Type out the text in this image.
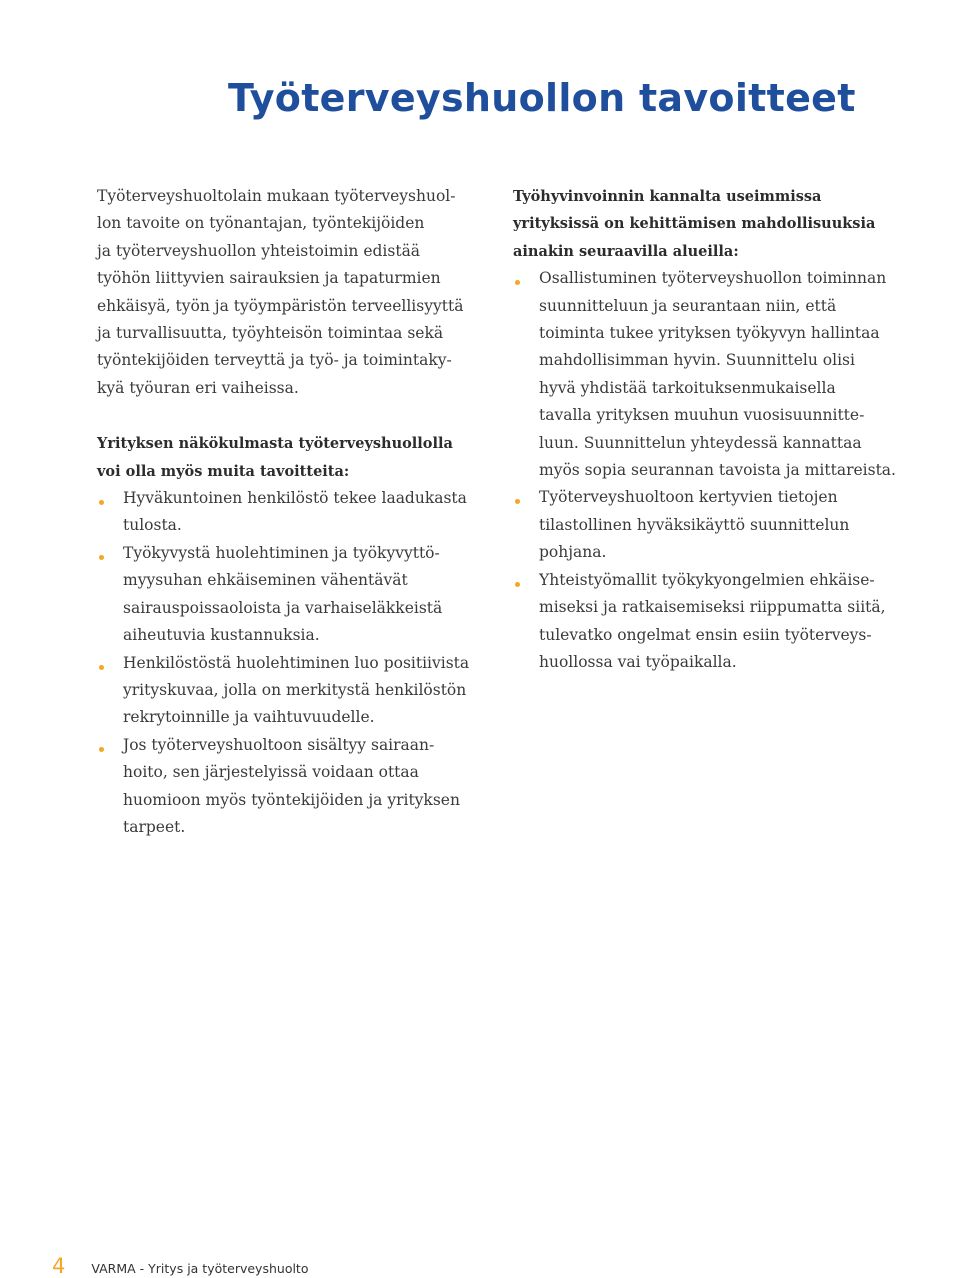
Työterveyshuollon tavoitteet

Työterveyshuoltolain mukaan työterveyshuol-
lon tavoite on työnantajan, työntekijöiden
ja työterveyshuollon yhteistoimin edistää
työhön liittyvien sairauksien ja tapaturmien
ehkäisyä, työn ja työympäristön terveellisyyttä
ja turvallisuutta, työyhteisön toimintaa sekä
työntekijöiden terveyttä ja työ- ja toimintaky-
kyä työuran eri vaiheissa.

Yrityksen näkökulmasta työterveyshuollolla
voi olla myös muita tavoitteita:

Hyväkuntoinen henkilöstö tekee laadukasta
tulosta.
Työkyvystä huolehtiminen ja työkyvyttö-
myysuhan ehkäiseminen vähentävät
sairauspoissaoloista ja varhaiseläkkeistä
aiheutuvia kustannuksia.
Henkilöstöstä huolehtiminen luo positiivista
yrityskuvaa, jolla on merkitystä henkilöstön
rekrytoinnille ja vaihtuvuudelle.
Jos työterveyshuoltoon sisältyy sairaan-
hoito, sen järjestelyissä voidaan ottaa
huomioon myös työntekijöiden ja yrityksen
tarpeet.

Työhyvinvoinnin kannalta useimmissa
yrityksissä on kehittämisen mahdollisuuksia
ainakin seuraavilla alueilla:

Osallistuminen työterveyshuollon toiminnan
suunnitteluun ja seurantaan niin, että
toiminta tukee yrityksen työkyvyn hallintaa
mahdollisimman hyvin. Suunnittelu olisi
hyvä yhdistää tarkoituksenmukaisella
tavalla yrityksen muuhun vuosisuunnitte-
luun. Suunnittelun yhteydessä kannattaa
myös sopia seurannan tavoista ja mittareista.
Työterveyshuoltoon kertyvien tietojen
tilastollinen hyväksikäyttö suunnittelun
pohjana.
Yhteistyömallit työkykyongelmien ehkäise-
miseksi ja ratkaisemiseksi riippumatta siitä,
tulevatko ongelmat ensin esiin työterveys-
huollossa vai työpaikalla.
4 VARMA - Yritys ja työterveyshuolto
